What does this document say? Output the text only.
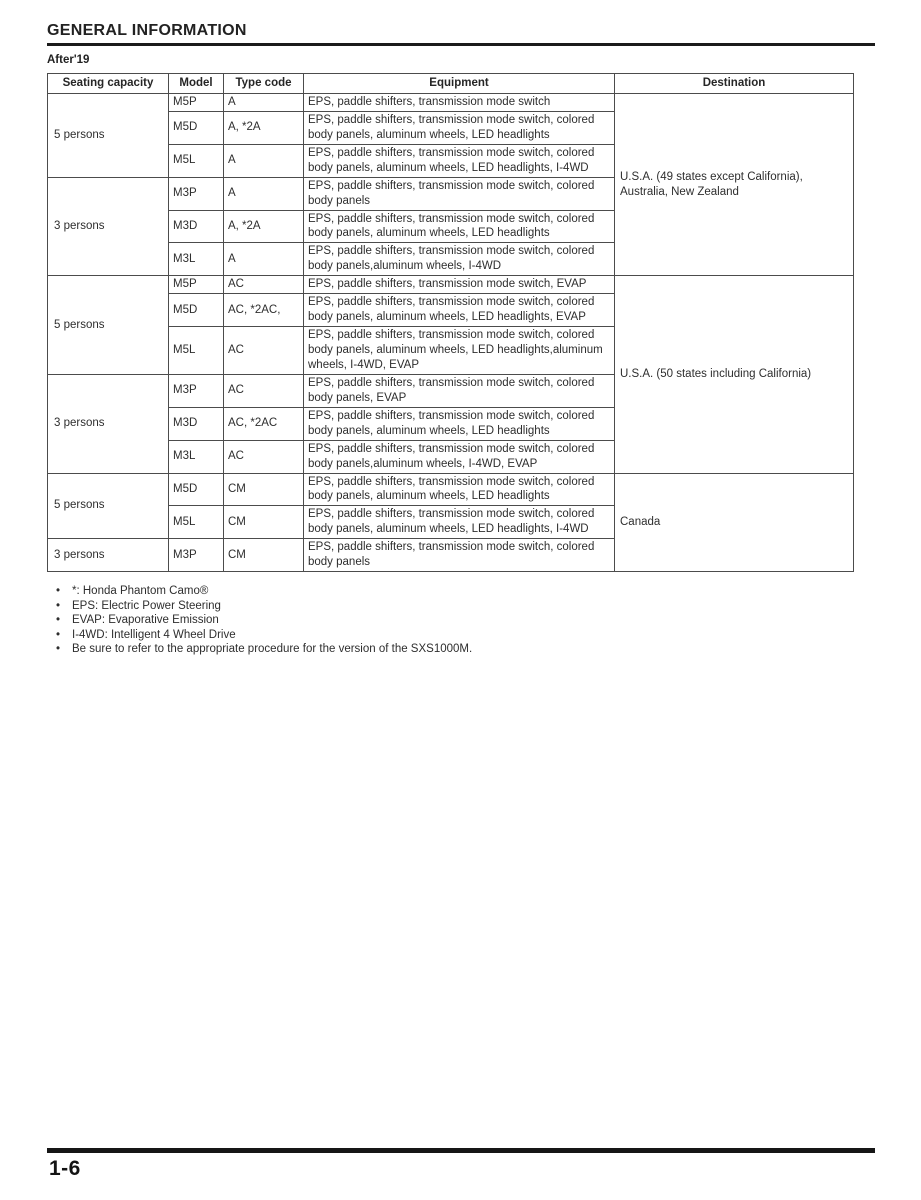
GENERAL INFORMATION
After'19
Seating capacity	Model	Type code	Equipment	Destination
5 persons	M5P	A	EPS, paddle shifters, transmission mode switch	U.S.A. (49 states except California), Australia, New Zealand
	M5D	A, *2A	EPS, paddle shifters, transmission mode switch, colored body panels, aluminum wheels, LED headlights	
	M5L	A	EPS, paddle shifters, transmission mode switch, colored body panels, aluminum wheels, LED headlights, I-4WD	
3 persons	M3P	A	EPS, paddle shifters, transmission mode switch, colored body panels	
	M3D	A, *2A	EPS, paddle shifters, transmission mode switch, colored body panels, aluminum wheels, LED headlights	
	M3L	A	EPS, paddle shifters, transmission mode switch, colored body panels,aluminum wheels, I-4WD	
5 persons	M5P	AC	EPS, paddle shifters, transmission mode switch, EVAP	U.S.A. (50 states including California)
	M5D	AC, *2AC,	EPS, paddle shifters, transmission mode switch, colored body panels, aluminum wheels, LED headlights, EVAP	
	M5L	AC	EPS, paddle shifters, transmission mode switch, colored body panels, aluminum wheels, LED headlights,aluminum wheels, I-4WD, EVAP	
3 persons	M3P	AC	EPS, paddle shifters, transmission mode switch, colored body panels, EVAP	
	M3D	AC, *2AC	EPS, paddle shifters, transmission mode switch, colored body panels, aluminum wheels, LED headlights	
	M3L	AC	EPS, paddle shifters, transmission mode switch, colored body panels,aluminum wheels, I-4WD, EVAP	
5 persons	M5D	CM	EPS, paddle shifters, transmission mode switch, colored body panels, aluminum wheels, LED headlights	Canada
	M5L	CM	EPS, paddle shifters, transmission mode switch, colored body panels, aluminum wheels, LED headlights, I-4WD	
3 persons	M3P	CM	EPS, paddle shifters, transmission mode switch, colored body panels	
•	*: Honda Phantom Camo®
•	EPS: Electric Power Steering
•	EVAP: Evaporative Emission
•	I-4WD: Intelligent 4 Wheel Drive
•	Be sure to refer to the appropriate procedure for the version of the SXS1000M.
1-6
